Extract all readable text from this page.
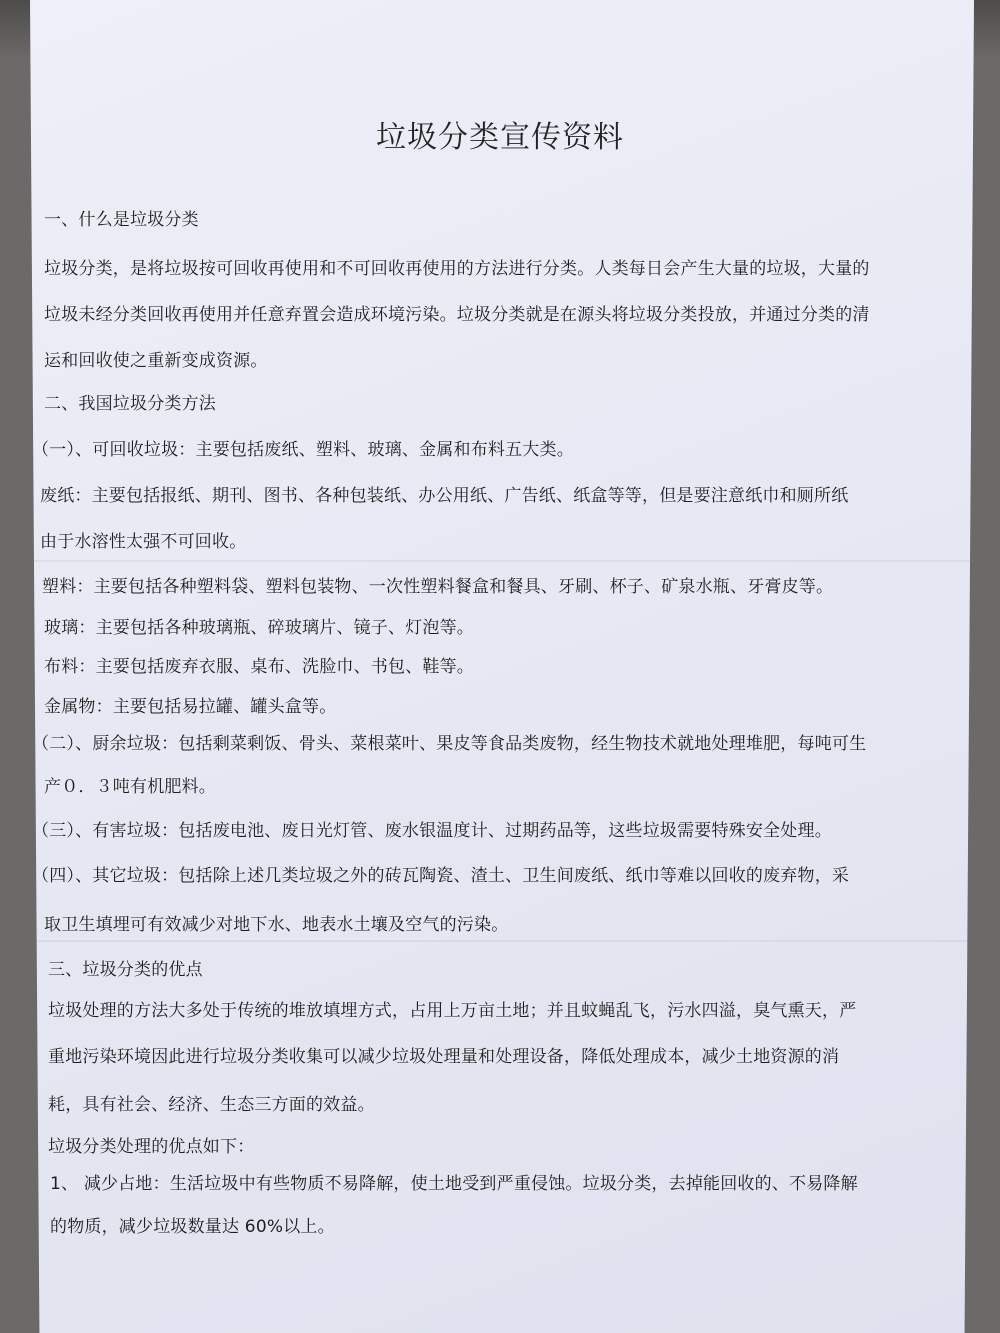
垃圾分类宣传资料

一、什么是垃圾分类

垃圾分类，是将垃圾按可回收再使用和不可回收再使用的方法进行分类。人类每日会产生大量的垃圾，大量的

垃圾未经分类回收再使用并任意弃置会造成环境污染。垃圾分类就是在源头将垃圾分类投放，并通过分类的清

运和回收使之重新变成资源。

二、我国垃圾分类方法

（一）、可回收垃圾：主要包括废纸、塑料、玻璃、金属和布料五大类。

废纸：主要包括报纸、期刊、图书、各种包装纸、办公用纸、广告纸、纸盒等等，但是要注意纸巾和厕所纸

由于水溶性太强不可回收。

塑料：主要包括各种塑料袋、塑料包装物、一次性塑料餐盒和餐具、牙刷、杯子、矿泉水瓶、牙膏皮等。

玻璃：主要包括各种玻璃瓶、碎玻璃片、镜子、灯泡等。

布料：主要包括废弃衣服、桌布、洗脸巾、书包、鞋等。

金属物：主要包括易拉罐、罐头盒等。

（二）、厨余垃圾：包括剩菜剩饭、骨头、菜根菜叶、果皮等食品类废物，经生物技术就地处理堆肥，每吨可生

产０．３吨有机肥料。

（三）、有害垃圾：包括废电池、废日光灯管、废水银温度计、过期药品等，这些垃圾需要特殊安全处理。

（四）、其它垃圾：包括除上述几类垃圾之外的砖瓦陶瓷、渣土、卫生间废纸、纸巾等难以回收的废弃物，采

取卫生填埋可有效减少对地下水、地表水土壤及空气的污染。

三、垃圾分类的优点

垃圾处理的方法大多处于传统的堆放填埋方式，占用上万亩土地；并且蚊蝇乱飞，污水四溢，臭气熏天，严

重地污染环境因此进行垃圾分类收集可以减少垃圾处理量和处理设备，降低处理成本，减少土地资源的消

耗，具有社会、经济、生态三方面的效益。

垃圾分类处理的优点如下：

1、 减少占地：生活垃圾中有些物质不易降解，使土地受到严重侵蚀。垃圾分类，去掉能回收的、不易降解

的物质，减少垃圾数量达 60%以上。
